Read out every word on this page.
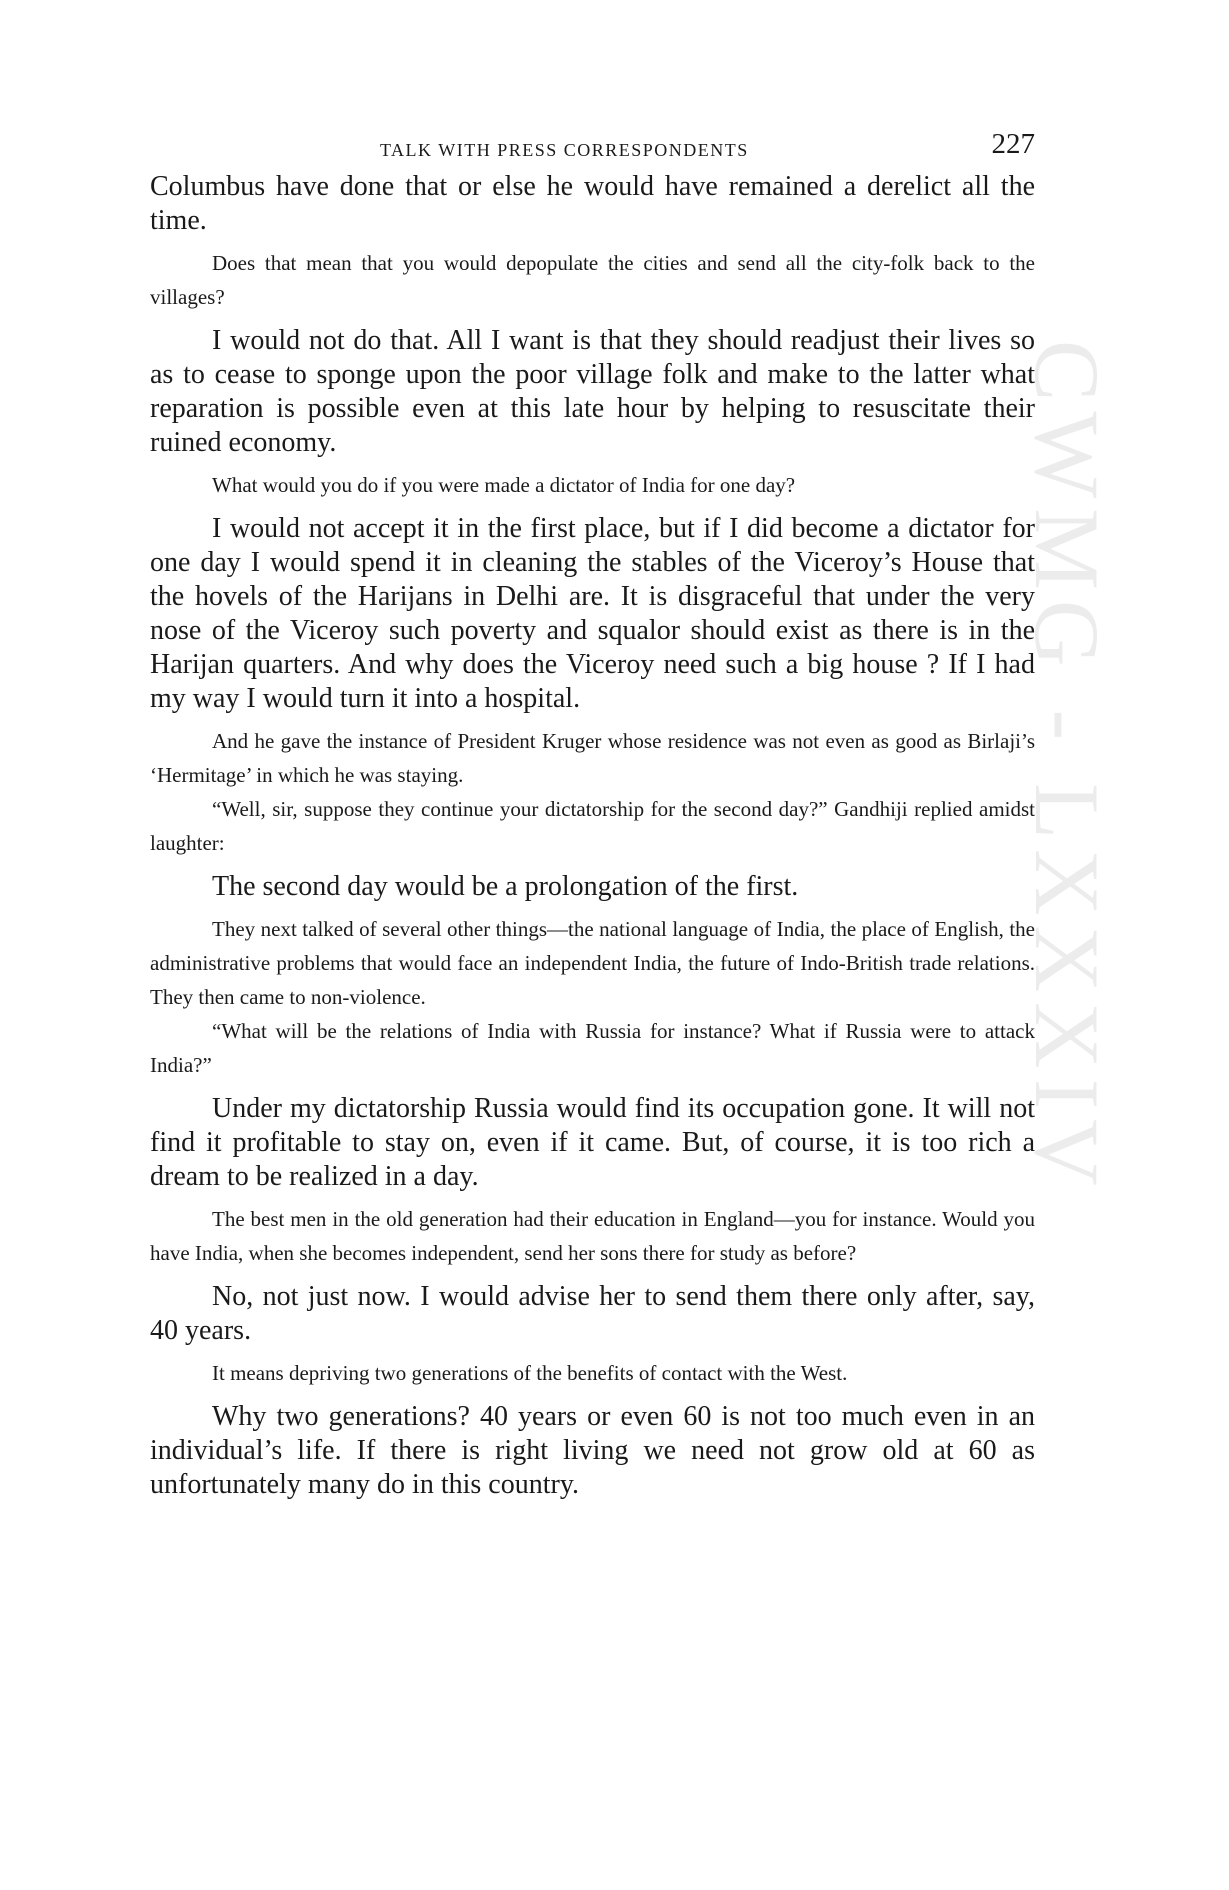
CWMG - LXXXIV
TALK WITH PRESS CORRESPONDENTS	227

Columbus have done that or else he would have remained a derelict all the time.

Does that mean that you would depopulate the cities and send all the city-folk back to the villages?

I would not do that. All I want is that they should readjust their lives so as to cease to sponge upon the poor village folk and make to the latter what reparation is possible even at this late hour by helping to resuscitate their ruined economy.

What would you do if you were made a dictator of India for one day?

I would not accept it in the first place, but if I did become a dictator for one day I would spend it in cleaning the stables of the Viceroy’s House that the hovels of the Harijans in Delhi are. It is disgraceful that under the very nose of the Viceroy such poverty and squalor should exist as there is in the Harijan quarters. And why does the Viceroy need such a big house ? If I had my way I would turn it into a hospital.

And he gave the instance of President Kruger whose residence was not even as good as Birlaji’s ‘Hermitage’ in which he was staying.

“Well, sir, suppose they continue your dictatorship for the second day?” Gandhiji replied amidst laughter:

The second day would be a prolongation of the first.

They next talked of several other things—the national language of India, the place of English, the administrative problems that would face an independent India, the future of Indo-British trade relations. They then came to non-violence.

“What will be the relations of India with Russia for instance? What if Russia were to attack India?”

Under my dictatorship Russia would find its occupation gone. It will not find it profitable to stay on, even if it came. But, of course, it is too rich a dream to be realized in a day.

The best men in the old generation had their education in England—you for instance. Would you have India, when she becomes independent, send her sons there for study as before?

No, not just now. I would advise her to send them there only after, say, 40 years.

It means depriving two generations of the benefits of contact with the West.

Why two generations? 40 years or even 60 is not too much even in an individual’s life. If there is right living we need not grow old at 60 as unfortunately many do in this country.
